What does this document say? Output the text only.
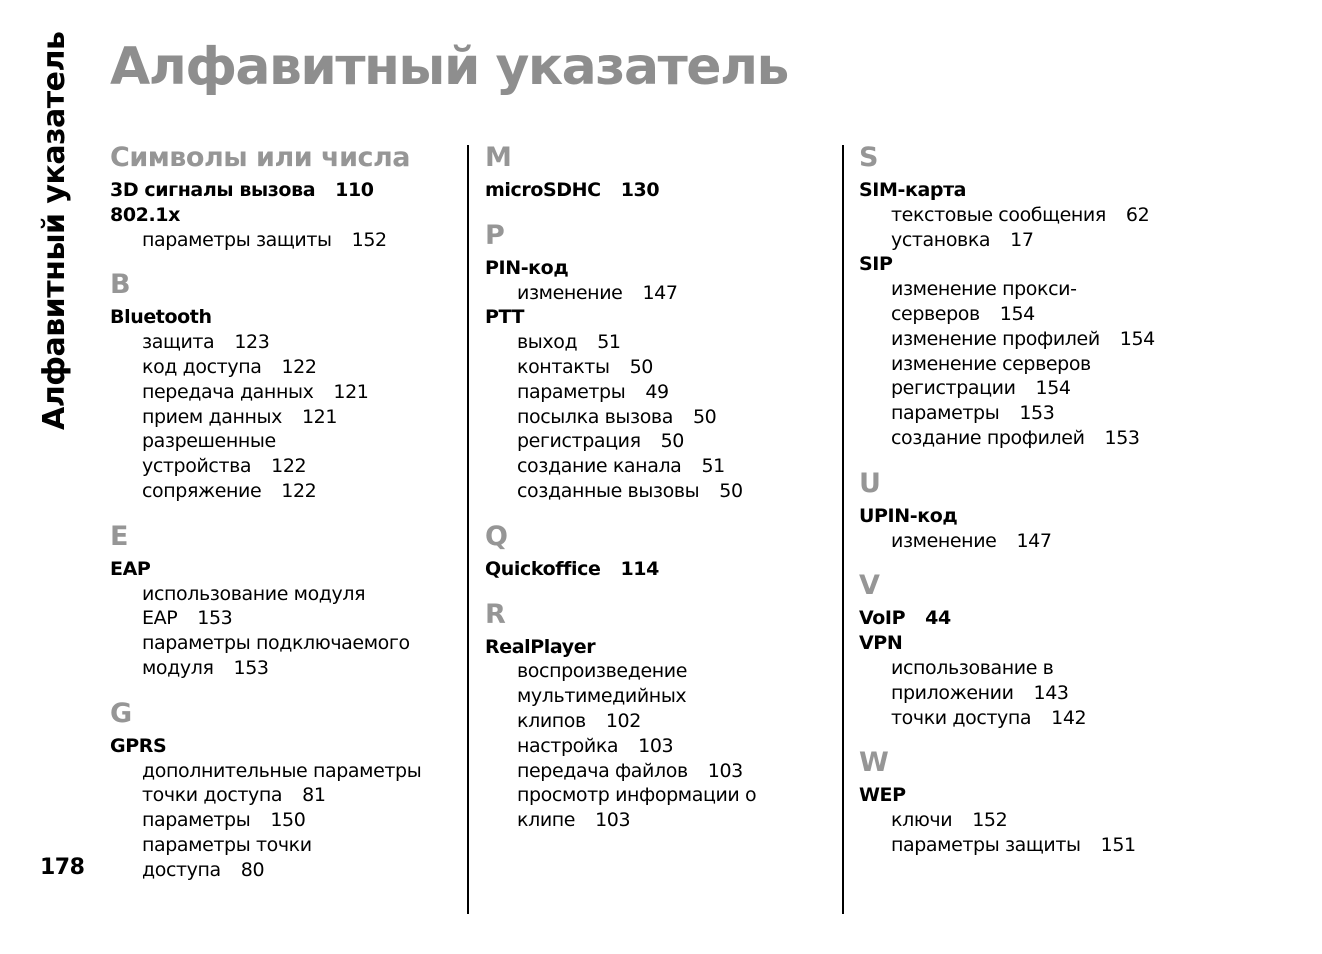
Алфавитный указатель Алфавитный указатель
178
Символы или числа
3D сигналы вызова 110
802.1x
параметры защиты 152
B
Bluetooth
защита 123
код доступа 122
передача данных 121
прием данных 121
разрешенные
устройства 122
сопряжение 122
E
EAP
использование модуля
EAP 153
параметры подключаемого
модуля 153
G
GPRS
дополнительные параметры
точки доступа 81
параметры 150
параметры точки
доступа 80
M
microSDHC 130
P
PIN-код
изменение 147
PTT
выход 51
контакты 50
параметры 49
посылка вызова 50
регистрация 50
создание канала 51
созданные вызовы 50
Q
Quickoffice 114
R
RealPlayer
воспроизведение
мультимедийных
клипов 102
настройка 103
передача файлов 103
просмотр информации о
клипе 103
S
SIM-карта
текстовые сообщения 62
установка 17
SIP
изменение прокси-
серверов 154
изменение профилей 154
изменение серверов
регистрации 154
параметры 153
создание профилей 153
U
UPIN-код
изменение 147
V
VoIP 44
VPN
использование в
приложении 143
точки доступа 142
W
WEP
ключи 152
параметры защиты 151
